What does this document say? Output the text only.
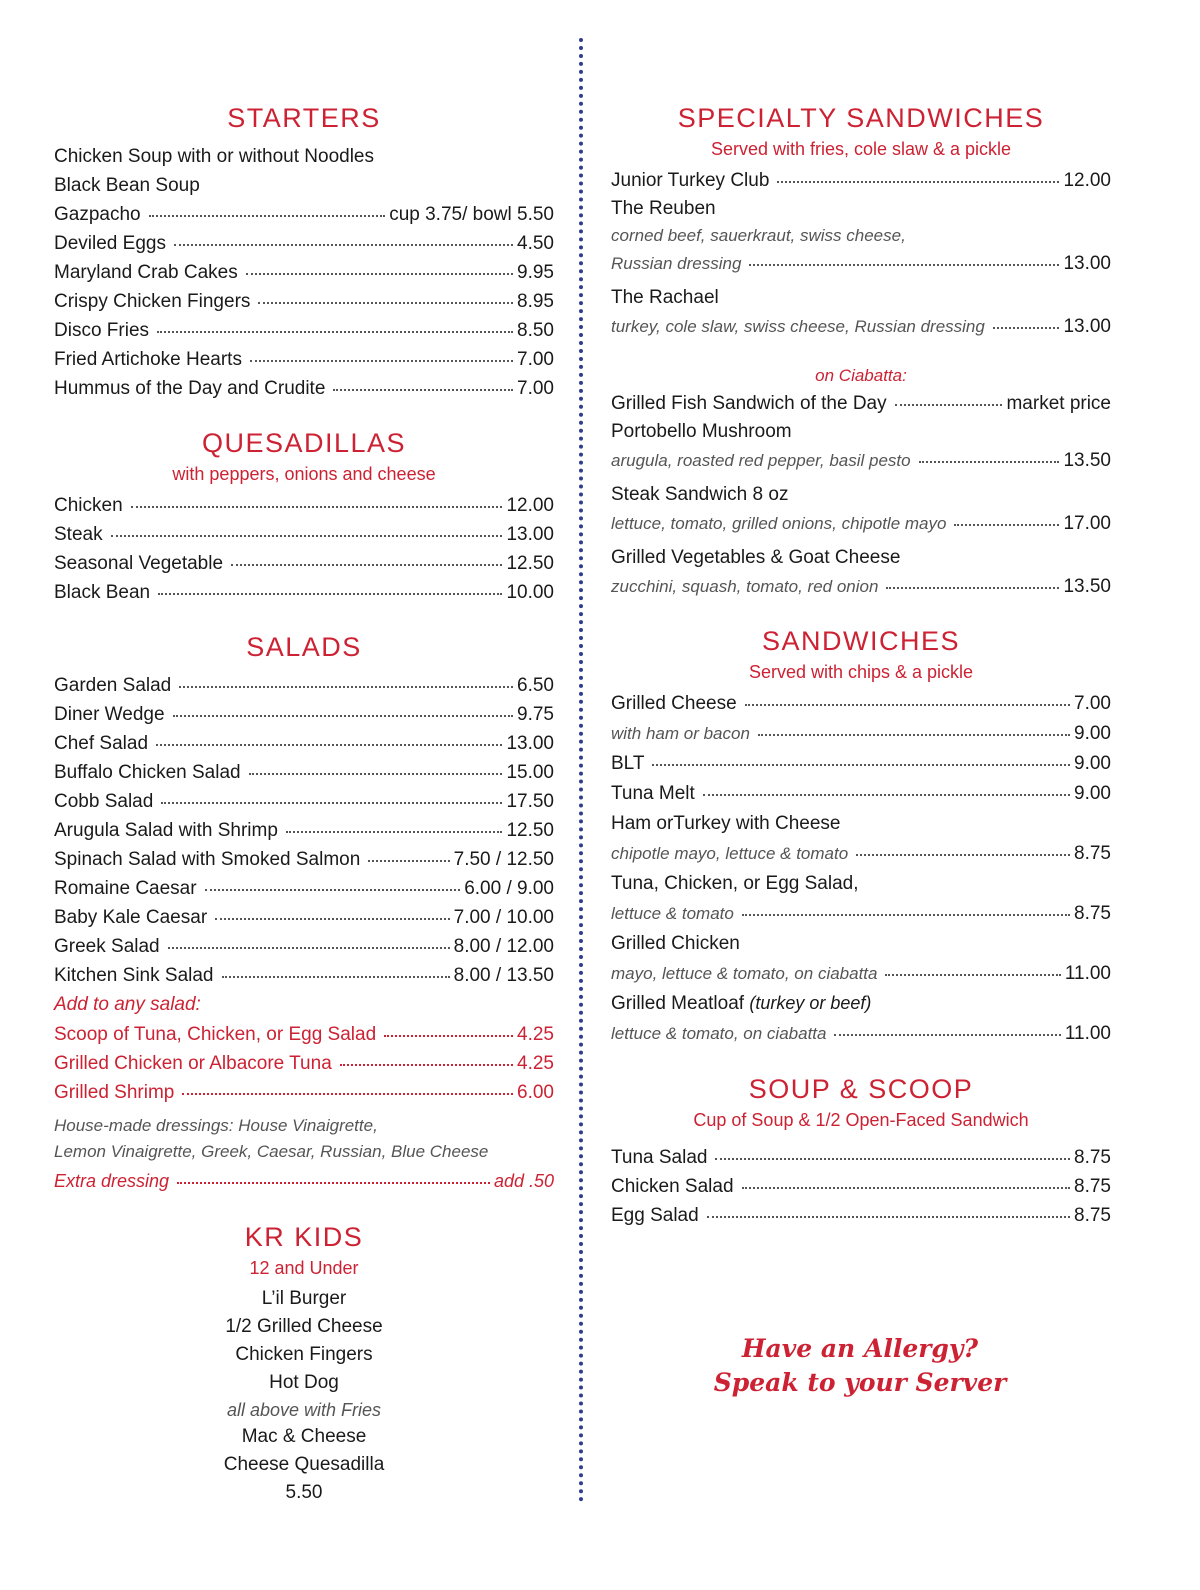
STARTERS
Chicken Soup with or without Noodles
Black Bean Soup
Gazpacho	cup 3.75/ bowl 5.50
Deviled Eggs	4.50
Maryland Crab Cakes	9.95
Crispy Chicken Fingers	8.95
Disco Fries	8.50
Fried Artichoke Hearts	7.00
Hummus of the Day and Crudite	7.00
QUESADILLAS
with peppers, onions and cheese
Chicken	12.00
Steak	13.00
Seasonal Vegetable	12.50
Black Bean	10.00
SALADS
Garden Salad	6.50
Diner Wedge	9.75
Chef Salad	13.00
Buffalo Chicken Salad	15.00
Cobb Salad	17.50
Arugula Salad with Shrimp	12.50
Spinach Salad with Smoked Salmon	7.50 / 12.50
Romaine Caesar	6.00 / 9.00
Baby Kale Caesar	7.00 / 10.00
Greek Salad	8.00 / 12.00
Kitchen Sink Salad	8.00 / 13.50
Add to any salad:
Scoop of Tuna, Chicken, or Egg Salad	4.25
Grilled Chicken or Albacore Tuna	4.25
Grilled Shrimp	6.00
House-made dressings: House Vinaigrette,
Lemon Vinaigrette, Greek, Caesar, Russian, Blue Cheese
Extra dressing	add .50
KR KIDS
12 and Under
L’il Burger
1/2 Grilled Cheese
Chicken Fingers
Hot Dog
all above with Fries
Mac & Cheese
Cheese Quesadilla
5.50
SPECIALTY SANDWICHES
Served with fries, cole slaw & a pickle
Junior Turkey Club	12.00
The Reuben
corned beef, sauerkraut, swiss cheese,
Russian dressing	13.00
The Rachael
turkey, cole slaw, swiss cheese, Russian dressing	13.00
on Ciabatta:
Grilled Fish Sandwich of the Day	market price
Portobello Mushroom
arugula, roasted red pepper, basil pesto	13.50
Steak Sandwich 8 oz
lettuce, tomato, grilled onions, chipotle mayo	17.00
Grilled Vegetables & Goat Cheese
zucchini, squash, tomato, red onion	13.50
SANDWICHES
Served with chips & a pickle
Grilled Cheese	7.00
with ham or bacon	9.00
BLT	9.00
Tuna Melt	9.00
Ham orTurkey with Cheese
chipotle mayo, lettuce & tomato	8.75
Tuna, Chicken, or Egg Salad,
lettuce & tomato	8.75
Grilled Chicken
mayo, lettuce & tomato, on ciabatta	11.00
Grilled Meatloaf (turkey or beef)
lettuce & tomato, on ciabatta	11.00
SOUP & SCOOP
Cup of Soup & 1/2 Open-Faced Sandwich
Tuna Salad	8.75
Chicken Salad	8.75
Egg Salad	8.75
Have an Allergy?
Speak to your Server
